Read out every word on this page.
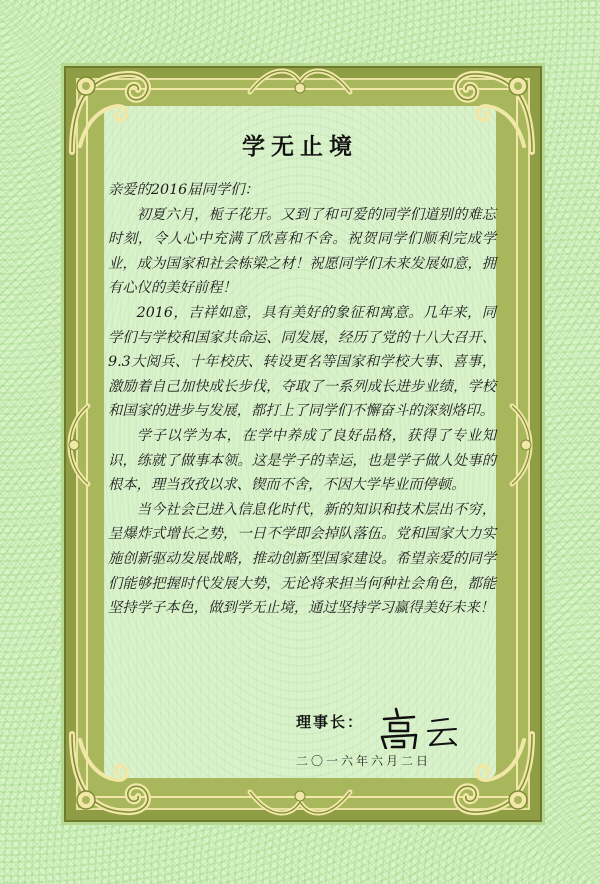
学无止境

亲爱的2016届同学们：

初夏六月，栀子花开。又到了和可爱的同学们道别的难忘时刻，令人心中充满了欣喜和不舍。祝贺同学们顺利完成学业，成为国家和社会栋梁之材！祝愿同学们未来发展如意，拥有心仪的美好前程！

2016，吉祥如意，具有美好的象征和寓意。几年来，同学们与学校和国家共命运、同发展，经历了党的十八大召开、9.3大阅兵、十年校庆、转设更名等国家和学校大事、喜事，激励着自己加快成长步伐，夺取了一系列成长进步业绩，学校和国家的进步与发展，都打上了同学们不懈奋斗的深刻烙印。

学子以学为本，在学中养成了良好品格，获得了专业知识，练就了做事本领。这是学子的幸运，也是学子做人处事的根本，理当孜孜以求、锲而不舍，不因大学毕业而停顿。

当今社会已进入信息化时代，新的知识和技术层出不穷，呈爆炸式增长之势，一日不学即会掉队落伍。党和国家大力实施创新驱动发展战略，推动创新型国家建设。希望亲爱的同学们能够把握时代发展大势，无论将来担当何种社会角色，都能坚持学子本色，做到学无止境，通过坚持学习赢得美好未来！

理事长：
二〇一六年六月二日
